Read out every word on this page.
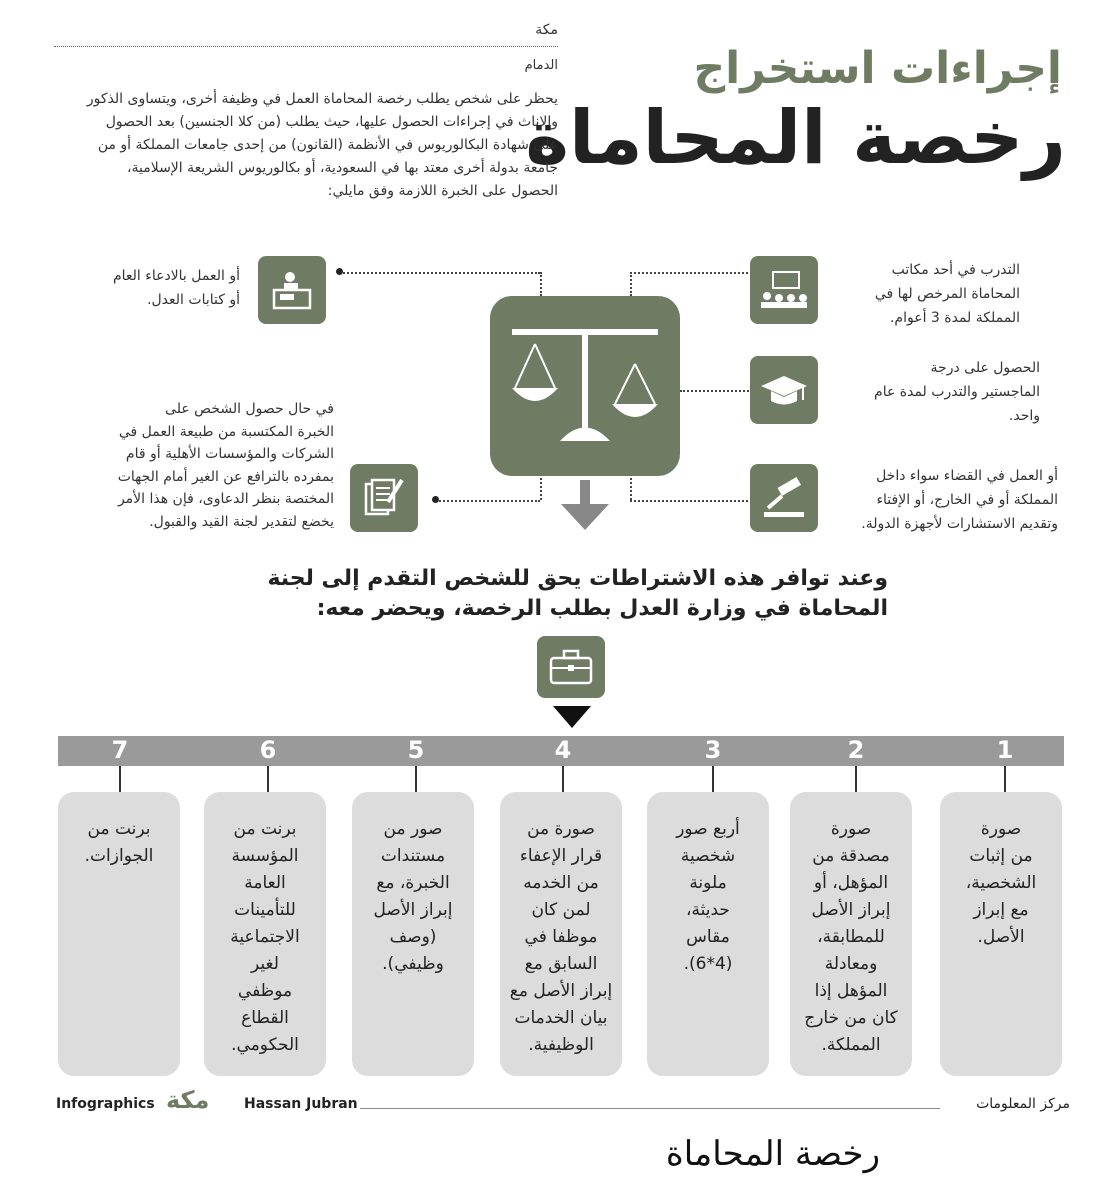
مكة
الدمام	إجراءات استخراج
رخصة المحاماة
يحظر على شخص يطلب رخصة المحاماة العمل في وظيفة أخرى، ويتساوى الذكور
والإناث في إجراءات الحصول عليها، حيث يطلب (من كلا الجنسين) بعد الحصول
على شهادة البكالوريوس في الأنظمة (القانون) من إحدى جامعات المملكة أو من
جامعة بدولة أخرى معتد بها في السعودية، أو بكالوريوس الشريعة الإسلامية،
الحصول على الخبرة اللازمة وفق مايلي:
التدرب في أحد مكاتب
المحاماة المرخص لها في
المملكة لمدة 3 أعوام.
الحصول على درجة
الماجستير والتدرب لمدة عام
واحد.
أو العمل في القضاء سواء داخل
المملكة أو في الخارج، أو الإفتاء
وتقديم الاستشارات لأجهزة الدولة.
أو العمل بالادعاء العام
أو كتابات العدل.
في حال حصول الشخص على
الخبرة المكتسبة من طبيعة العمل في
الشركات والمؤسسات الأهلية أو قام
بمفرده بالترافع عن الغير أمام الجهات
المختصة بنظر الدعاوى، فإن هذا الأمر
يخضع لتقدير لجنة القيد والقبول.
وعند توافر هذه الاشتراطات يحق للشخص التقدم إلى لجنة
المحاماة في وزارة العدل بطلب الرخصة، ويحضر معه:
1
صورة
من إثبات
الشخصية،
مع إبراز
الأصل.
2
صورة
مصدقة من
المؤهل، أو
إبراز الأصل
للمطابقة،
ومعادلة
المؤهل إذا
كان من خارج
المملكة.
3
أربع صور
شخصية
ملونة
حديثة،
مقاس
(4*6).
4
صورة من
قرار الإعفاء
من الخدمه
لمن كان
موظفا في
السابق مع
إبراز الأصل مع
بيان الخدمات
الوظيفية.
5
صور من
مستندات
الخبرة، مع
إبراز الأصل
(وصف
وظيفي).
6
برنت من
المؤسسة
العامة
للتأمينات
الاجتماعية
لغير
موظفي
القطاع
الحكومي.
7
برنت من
الجوازات.
Infographics مكة Hassan Jubran	مركز المعلومات
رخصة المحاماة
